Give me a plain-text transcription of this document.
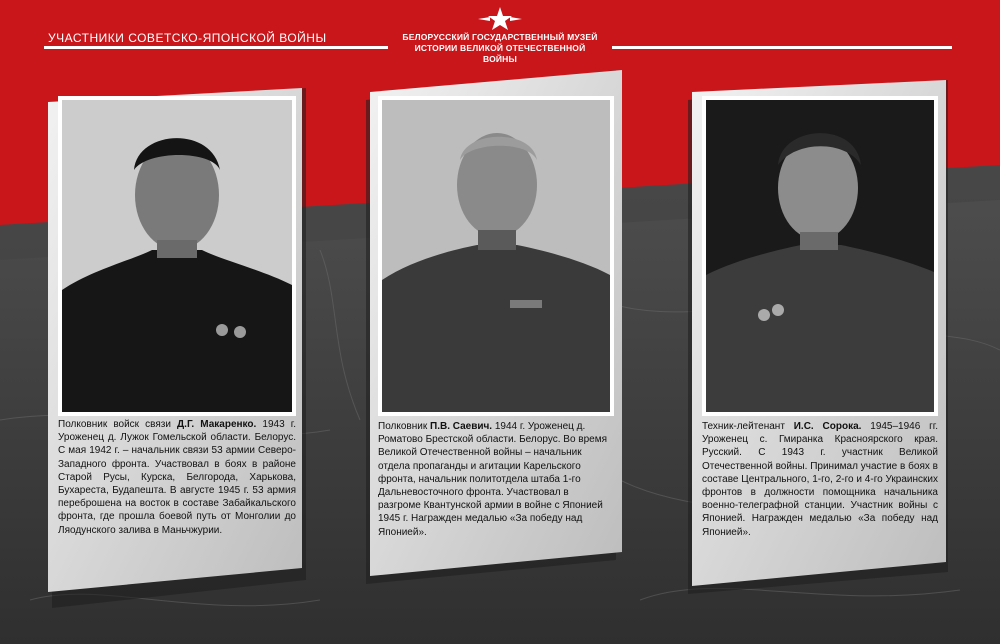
УЧАСТНИКИ СОВЕТСКО-ЯПОНСКОЙ ВОЙНЫ	БЕЛОРУССКИЙ ГОСУДАРСТВЕННЫЙ МУЗЕЙ
ИСТОРИИ ВЕЛИКОЙ ОТЕЧЕСТВЕННОЙ ВОЙНЫ
Полковник войск связи Д.Г. Макаренко. 1943 г. Уроженец д. Лужок Гомельской области. Белорус. С мая 1942 г. – начальник связи 53 армии Северо-Западного фронта. Участвовал в боях в районе Старой Русы, Курска, Белгорода, Харькова, Бухареста, Будапешта. В августе 1945 г. 53 армия переброшена на восток в составе Забайкальского фронта, где прошла боевой путь от Монголии до Ляодунского залива в Маньчжурии.
Полковник П.В. Саевич. 1944 г. Уроженец д. Роматово Брестской области. Белорус. Во время Великой Отечественной войны – начальник отдела пропаганды и агитации Карельского фронта, начальник политотдела штаба 1-го Дальневосточного фронта. Участвовал в разгроме Квантунской армии в войне с Японией 1945 г. Награжден медалью «За победу над Японией».
Техник-лейтенант И.С. Сорока. 1945–1946 гг. Уроженец с. Гмиранка Красноярского края. Русский. С 1943 г. участник Великой Отечественной войны. Принимал участие в боях в составе Центрального, 1-го, 2-го и 4-го Украинских фронтов в должности помощника начальника военно-телеграфной станции. Участник войны с Японией. Награжден медалью «За победу над Японией».
